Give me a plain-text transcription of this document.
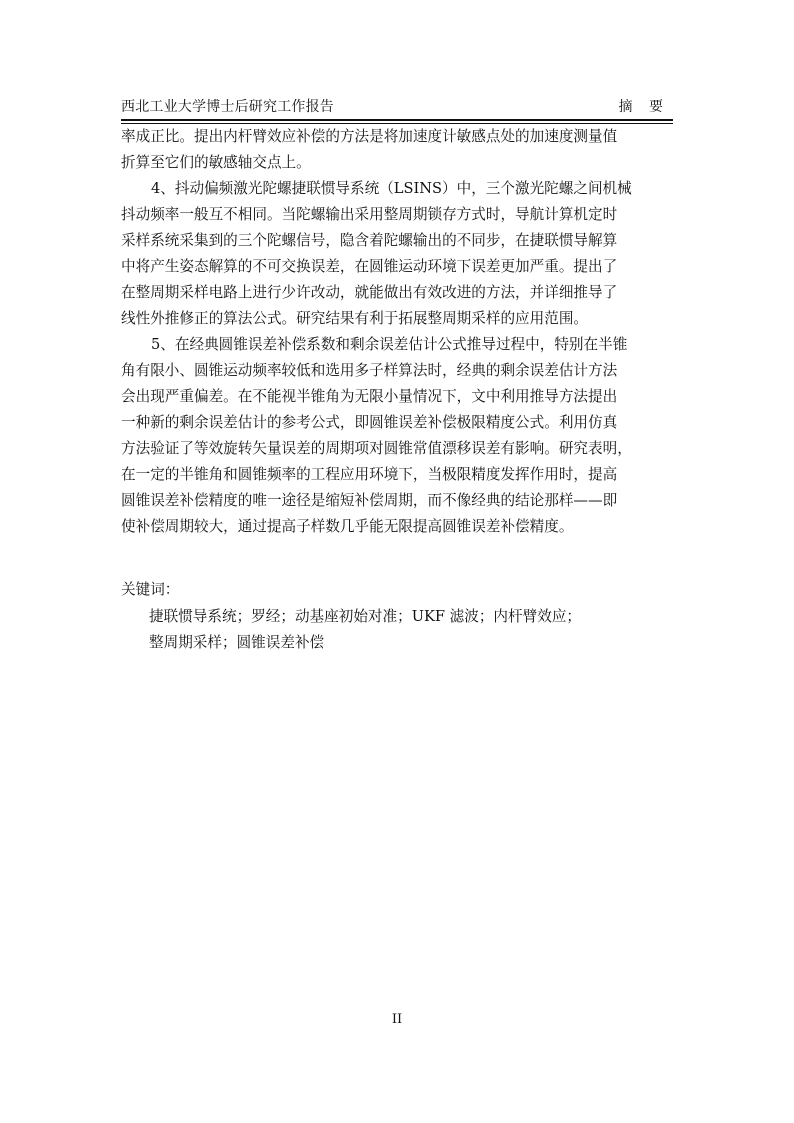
西北工业大学博士后研究工作报告	摘 要
率成正比。提出内杆臂效应补偿的方法是将加速度计敏感点处的加速度测量值
折算至它们的敏感轴交点上。
4、抖动偏频激光陀螺捷联惯导系统（LSINS）中，三个激光陀螺之间机械
抖动频率一般互不相同。当陀螺输出采用整周期锁存方式时，导航计算机定时
采样系统采集到的三个陀螺信号，隐含着陀螺输出的不同步，在捷联惯导解算
中将产生姿态解算的不可交换误差，在圆锥运动环境下误差更加严重。提出了
在整周期采样电路上进行少许改动，就能做出有效改进的方法，并详细推导了
线性外推修正的算法公式。研究结果有利于拓展整周期采样的应用范围。
5、在经典圆锥误差补偿系数和剩余误差估计公式推导过程中，特别在半锥
角有限小、圆锥运动频率较低和选用多子样算法时，经典的剩余误差估计方法
会出现严重偏差。在不能视半锥角为无限小量情况下，文中利用推导方法提出
一种新的剩余误差估计的参考公式，即圆锥误差补偿极限精度公式。利用仿真
方法验证了等效旋转矢量误差的周期项对圆锥常值漂移误差有影响。研究表明，
在一定的半锥角和圆锥频率的工程应用环境下，当极限精度发挥作用时，提高
圆锥误差补偿精度的唯一途径是缩短补偿周期，而不像经典的结论那样——即
使补偿周期较大，通过提高子样数几乎能无限提高圆锥误差补偿精度。
关键词：
捷联惯导系统；罗经；动基座初始对准；UKF 滤波；内杆臂效应；
整周期采样；圆锥误差补偿
II
